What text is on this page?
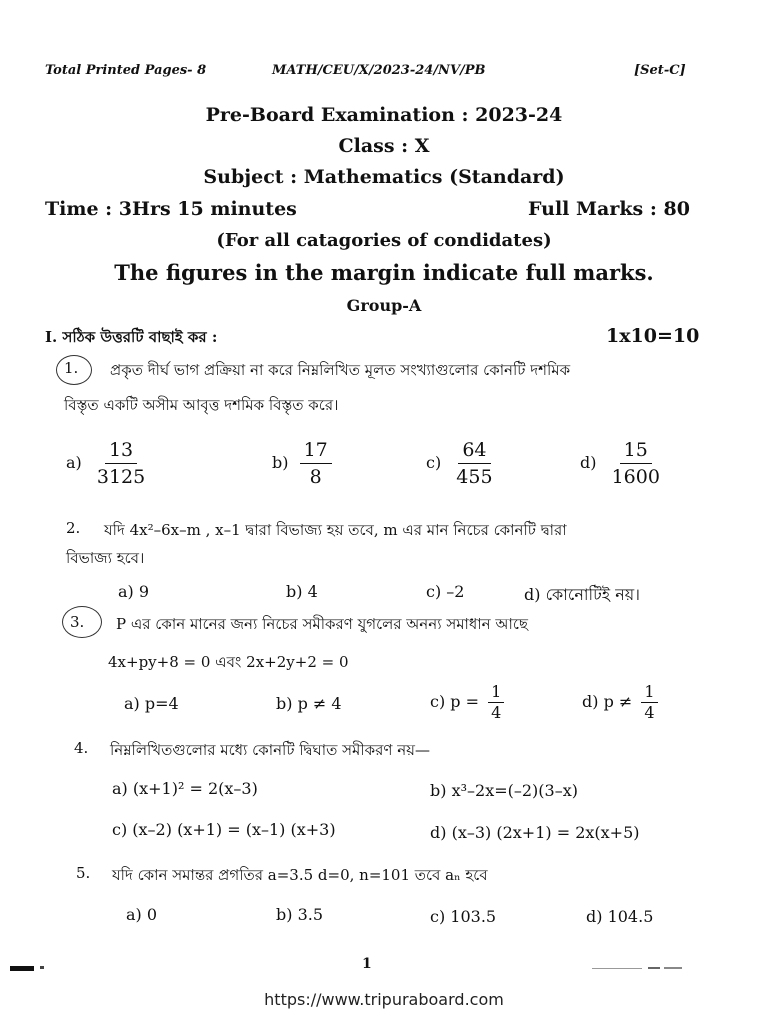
Total Printed Pages- 8	MATH/CEU/X/2023-24/NV/PB	[Set-C]
Pre-Board Examination : 2023-24
Class : X
Subject : Mathematics (Standard)
Time : 3Hrs 15 minutes	Full Marks : 80
(For all catagories of condidates)
The figures in the margin indicate full marks.
Group-A
I. সঠিক উত্তরটি বাছাই কর :	1x10=10
1. প্রকৃত দীর্ঘ ভাগ প্রক্রিয়া না করে নিম্নলিখিত মূলত সংখ্যাগুলোর কোনটি দশমিক
বিস্তৃত একটি অসীম আবৃত্ত দশমিক বিস্তৃত করে।
$a) \frac{13}{3125}$	$b) \frac{17}{8}$	$c) \frac{64}{455}$	$d) \frac{15}{1600}$
2. যদি 4x²–6x–m , x–1 দ্বারা বিভাজ্য হয় তবে, m এর মান নিচের কোনটি দ্বারা
বিভাজ্য হবে।
a) 9	b) 4	c) –2	d) কোনোটিই নয়।
3. P এর কোন মানের জন্য নিচের সমীকরণ যুগলের অনন্য সমাধান আছে
4x+py+8 = 0 এবং 2x+2y+2 = 0
a) p=4	b) p ≠ 4	c) $p = \frac{1}{4}$	d) $p \ne \frac{1}{4}$
4. নিম্নলিখিতগুলোর মধ্যে কোনটি দ্বিঘাত সমীকরণ নয়—
a) (x+1)² = 2(x–3)	b) x³–2x=(–2)(3–x)
c) (x–2) (x+1) = (x–1) (x+3)	d) (x–3) (2x+1) = 2x(x+5)
5. যদি কোন সমান্তর প্রগতির a=3.5 d=0, n=101 তবে aₙ হবে
a) 0	b) 3.5	c) 103.5	d) 104.5
1
https://www.tripuraboard.com
